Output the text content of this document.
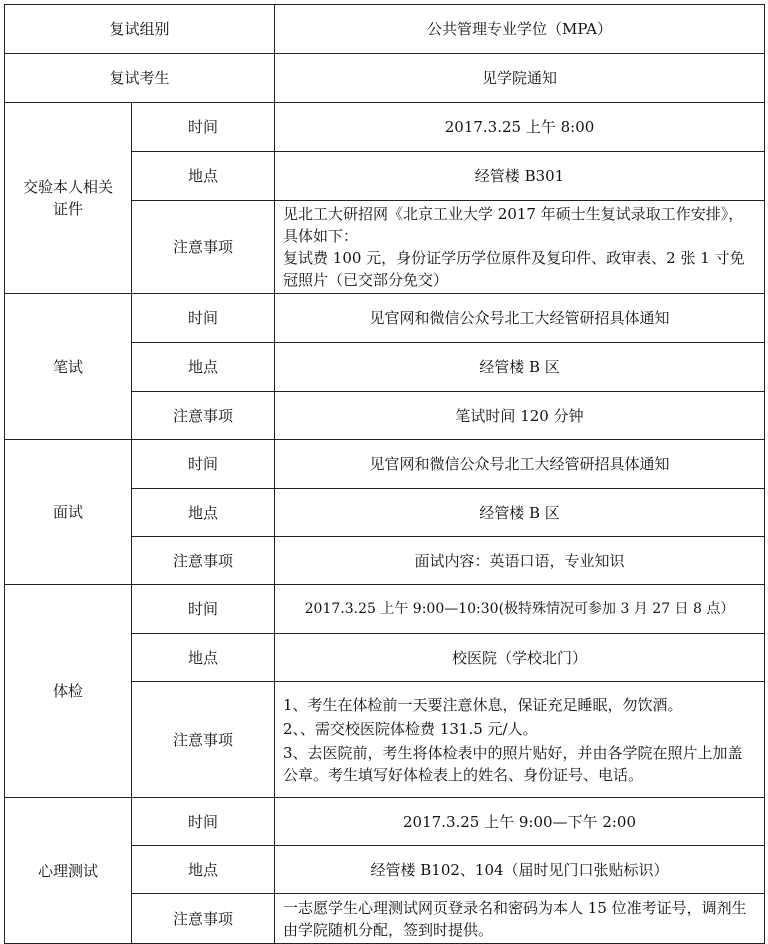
复试组别		公共管理专业学位（MPA）
复试考生		见学院通知
交验本人相关证件	时间	2017.3.25 上午 8:00
	地点	经管楼 B301
	注意事项	见北工大研招网《北京工业大学 2017 年硕士生复试录取工作安排》，具体如下：
复试费 100 元，身份证学历学位原件及复印件、政审表、2 张 1 寸免冠照片（已交部分免交）

笔试	时间	见官网和微信公众号北工大经管研招具体通知
	地点	经管楼 B 区
	注意事项	笔试时间 120 分钟
面试	时间	见官网和微信公众号北工大经管研招具体通知
	地点	经管楼 B 区
	注意事项	面试内容：英语口语，专业知识
体检	时间	2017.3.25 上午 9:00—10:30(极特殊情况可参加 3 月 27 日 8 点）
	地点	校医院（学校北门）
	注意事项	1、考生在体检前一天要注意休息，保证充足睡眠，勿饮酒。

2、、需交校医院体检费 131.5 元/人。

3、去医院前，考生将体检表中的照片贴好，并由各学院在照片上加盖公章。考生填写好体检表上的姓名、身份证号、电话。

心理测试	时间	2017.3.25 上午 9:00—下午 2:00
	地点	经管楼 B102、104（届时见门口张贴标识）
	注意事项	一志愿学生心理测试网页登录名和密码为本人 15 位准考证号，调剂生由学院随机分配，签到时提供。
